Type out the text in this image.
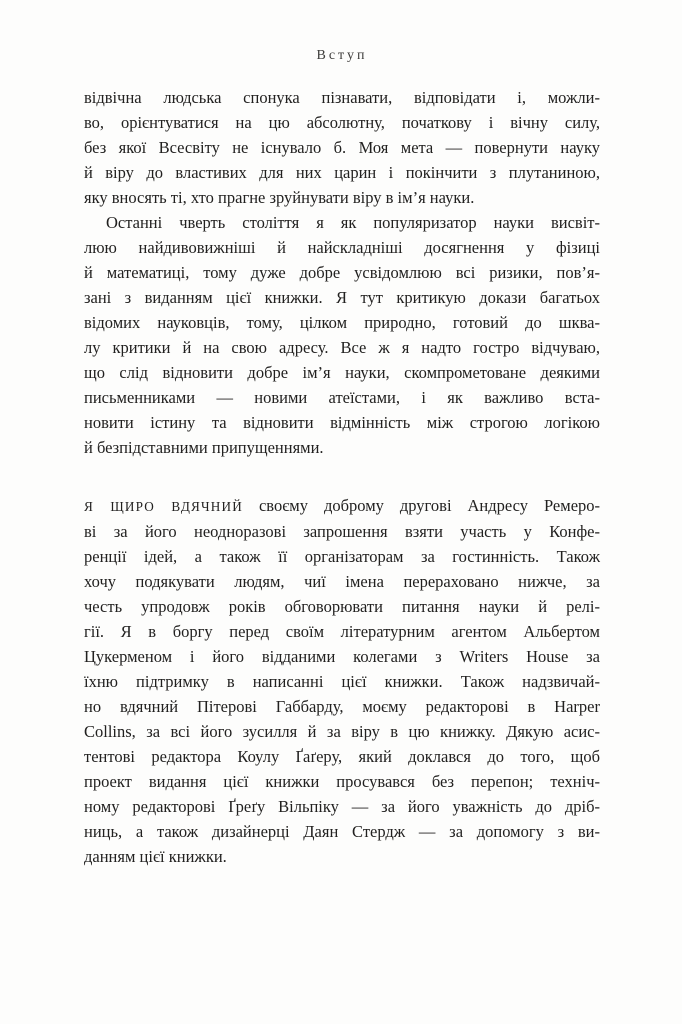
Вступ
відвічна людська спонука пізнавати, відповідати і, можли-
во, орієнтуватися на цю абсолютну, початкову і вічну силу,
без якої Всесвіту не існувало б. Моя мета — повернути науку
й віру до властивих для них царин і покінчити з плутаниною,
яку вносять ті, хто прагне зруйнувати віру в ім’я науки.
Останні чверть століття я як популяризатор науки висвіт-
люю найдивовижніші й найскладніші досягнення у фізиці
й математиці, тому дуже добре усвідомлюю всі ризики, пов’я-
зані з виданням цієї книжки. Я тут критикую докази багатьох
відомих науковців, тому, цілком природно, готовий до шква-
лу критики й на свою адресу. Все ж я надто гостро відчуваю,
що слід відновити добре ім’я науки, скомпрометоване деякими
письменниками — новими атеїстами, і як важливо вста-
новити істину та відновити відмінність між строгою логікою
й безпідставними припущеннями.
Я ЩИРО ВДЯЧНИЙ своєму доброму другові Андресу Ремеро-
ві за його неодноразові запрошення взяти участь у Конфе-
ренції ідей, а також її організаторам за гостинність. Також
хочу подякувати людям, чиї імена перераховано нижче, за
честь упродовж років обговорювати питання науки й релі-
гії. Я в боргу перед своїм літературним агентом Альбертом
Цукерменом і його відданими колегами з Writers House за
їхню підтримку в написанні цієї книжки. Також надзвичай-
но вдячний Пітерові Габбарду, моєму редакторові в Harper
Collins, за всі його зусилля й за віру в цю книжку. Дякую асис-
тентові редактора Коулу Ґаґеру, який доклався до того, щоб
проект видання цієї книжки просувався без перепон; техніч-
ному редакторові Ґреґу Вільпіку — за його уважність до дріб-
ниць, а також дизайнерці Даян Стердж — за допомогу з ви-
данням цієї книжки.
